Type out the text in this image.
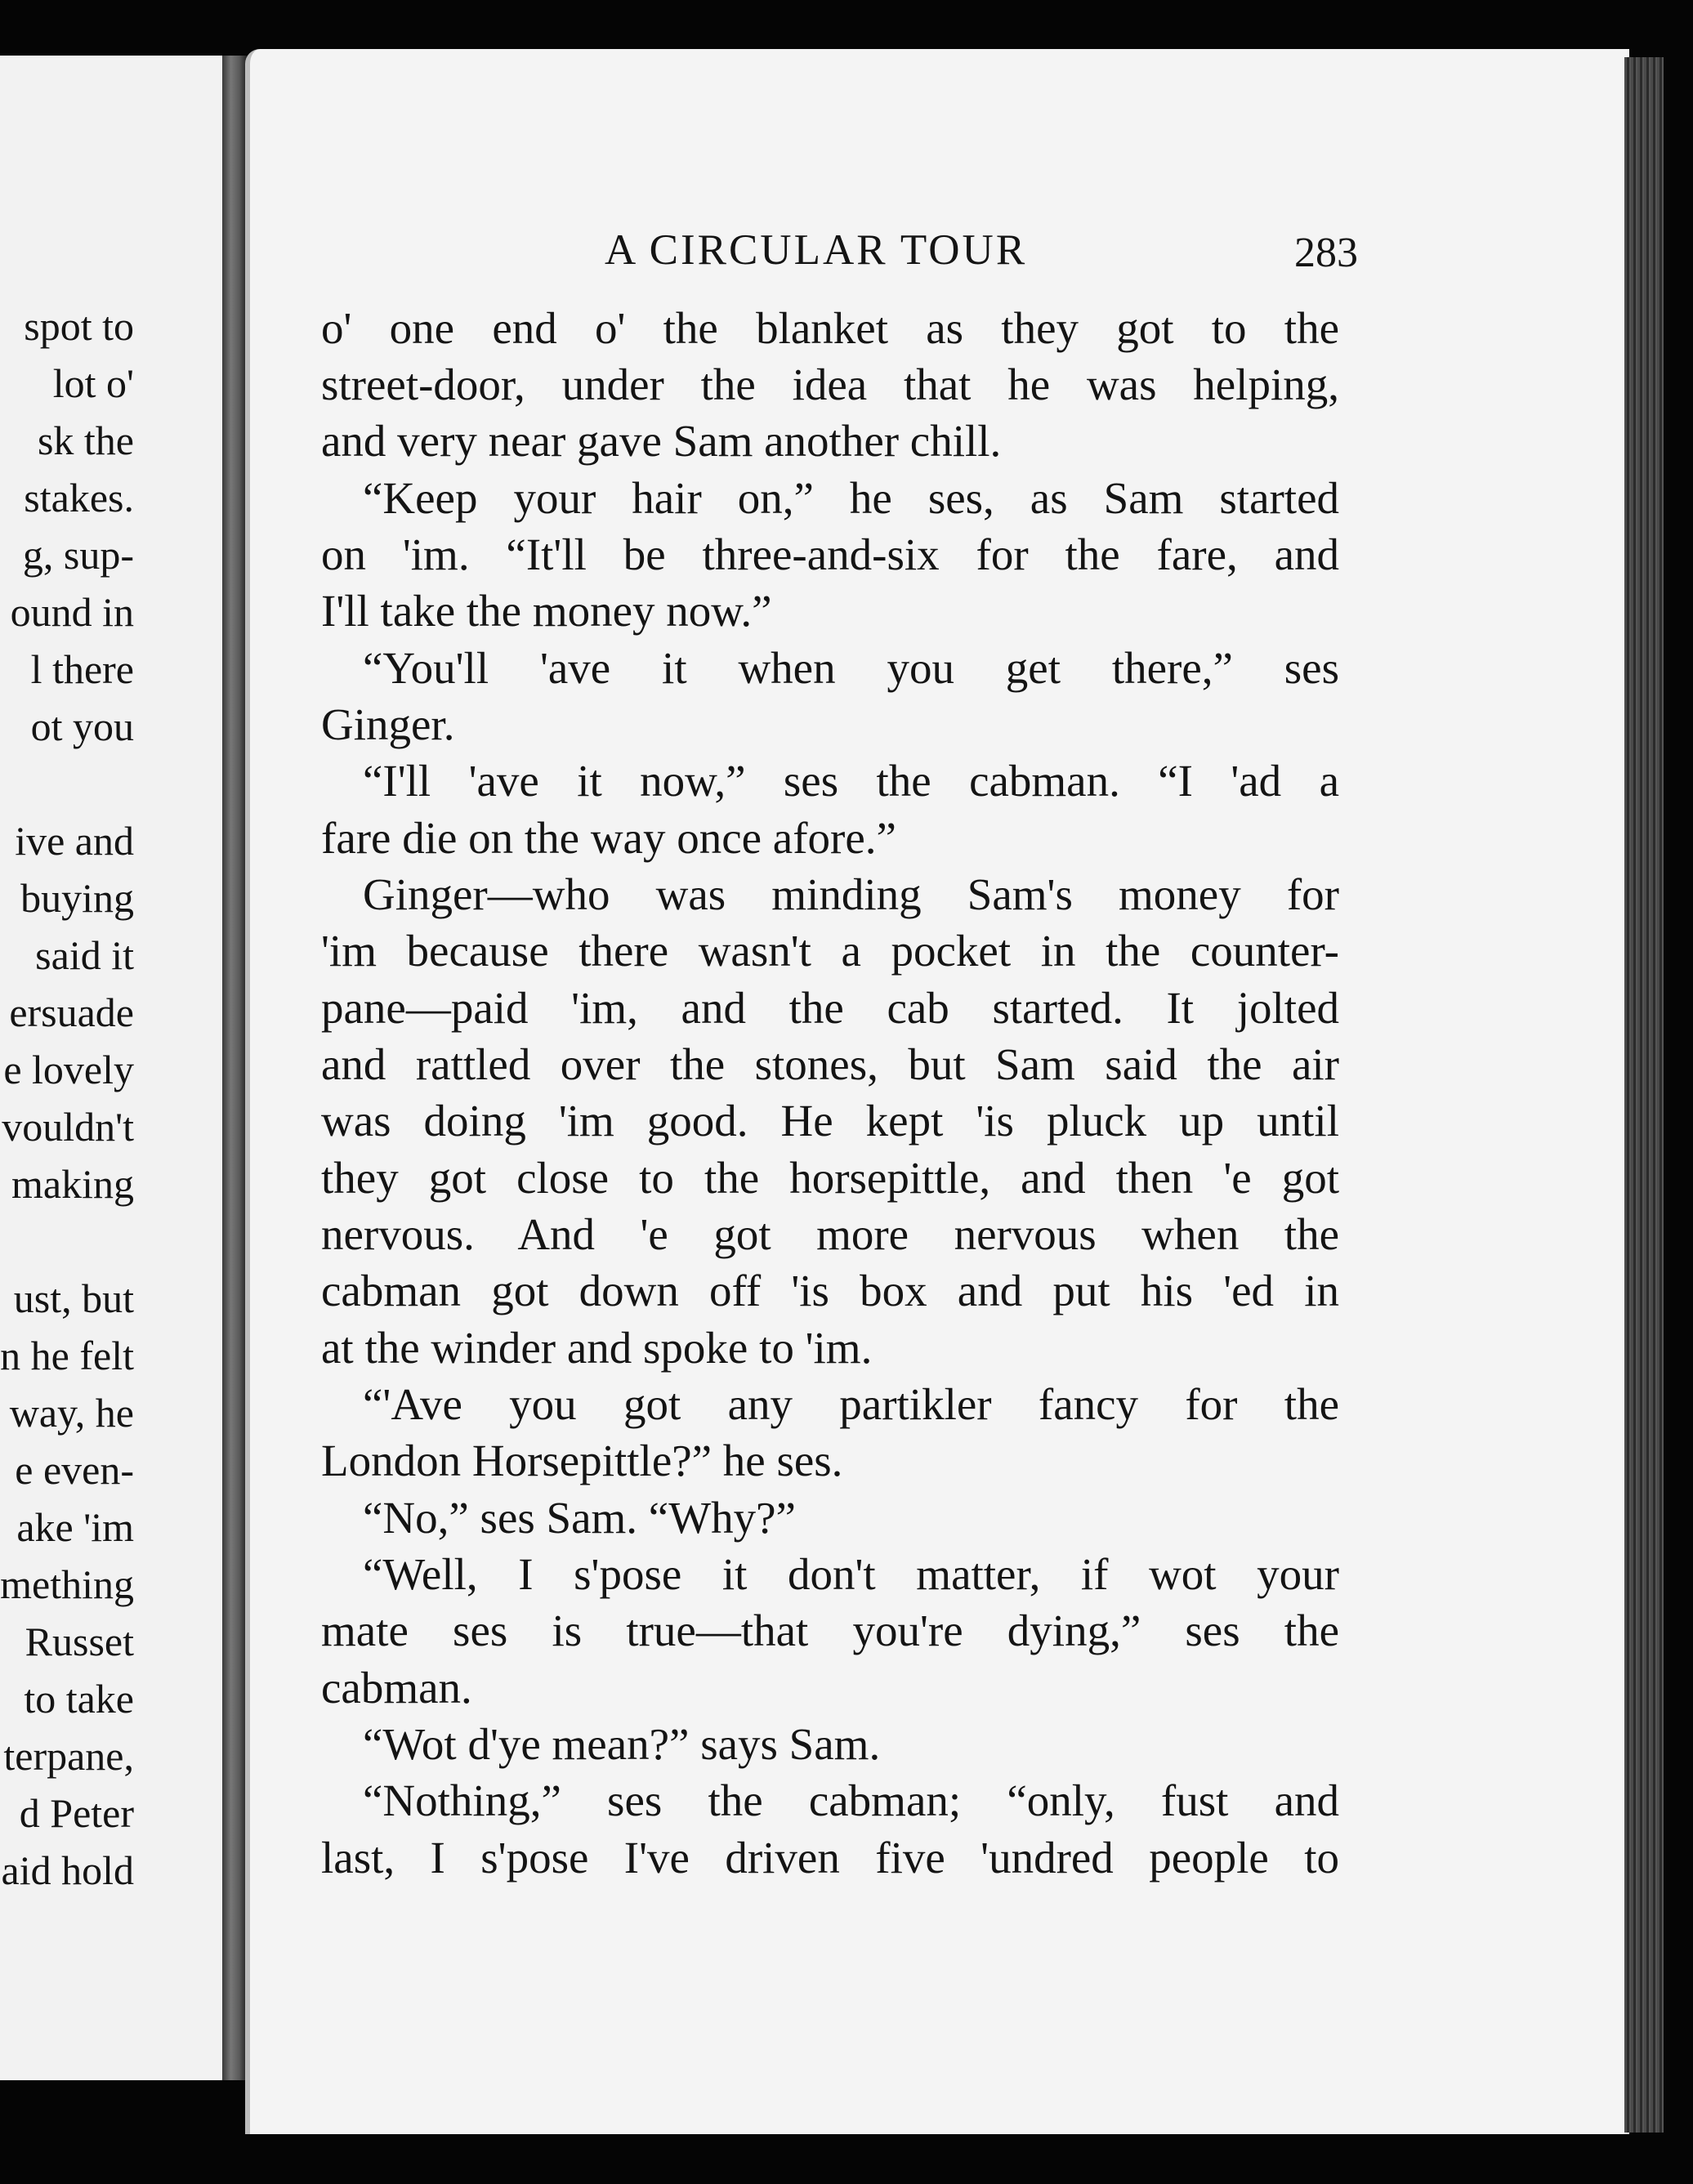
spot to
lot o'
sk the
stakes.
g, sup-
ound in
l there
ot you
ive and
buying
said it
ersuade
e lovely
vouldn't
making
ust, but
n he felt
way, he
e even-
ake 'im
mething
Russet
to take
terpane,
d Peter
aid hold
A CIRCULAR TOUR	283
o' one end o' the blanket as they got to the
street-door, under the idea that he was helping,
and very near gave Sam another chill.
“Keep your hair on,” he ses, as Sam started
on 'im. “It'll be three-and-six for the fare, and
I'll take the money now.”
“You'll 'ave it when you get there,” ses
Ginger.
“I'll 'ave it now,” ses the cabman. “I 'ad a
fare die on the way once afore.”
Ginger—who was minding Sam's money for
'im because there wasn't a pocket in the counter-
pane—paid 'im, and the cab started. It jolted
and rattled over the stones, but Sam said the air
was doing 'im good. He kept 'is pluck up until
they got close to the horsepittle, and then 'e got
nervous. And 'e got more nervous when the
cabman got down off 'is box and put his 'ed in
at the winder and spoke to 'im.
“'Ave you got any partikler fancy for the
London Horsepittle?” he ses.
“No,” ses Sam. “Why?”
“Well, I s'pose it don't matter, if wot your
mate ses is true—that you're dying,” ses the
cabman.
“Wot d'ye mean?” says Sam.
“Nothing,” ses the cabman; “only, fust and
last, I s'pose I've driven five 'undred people to
